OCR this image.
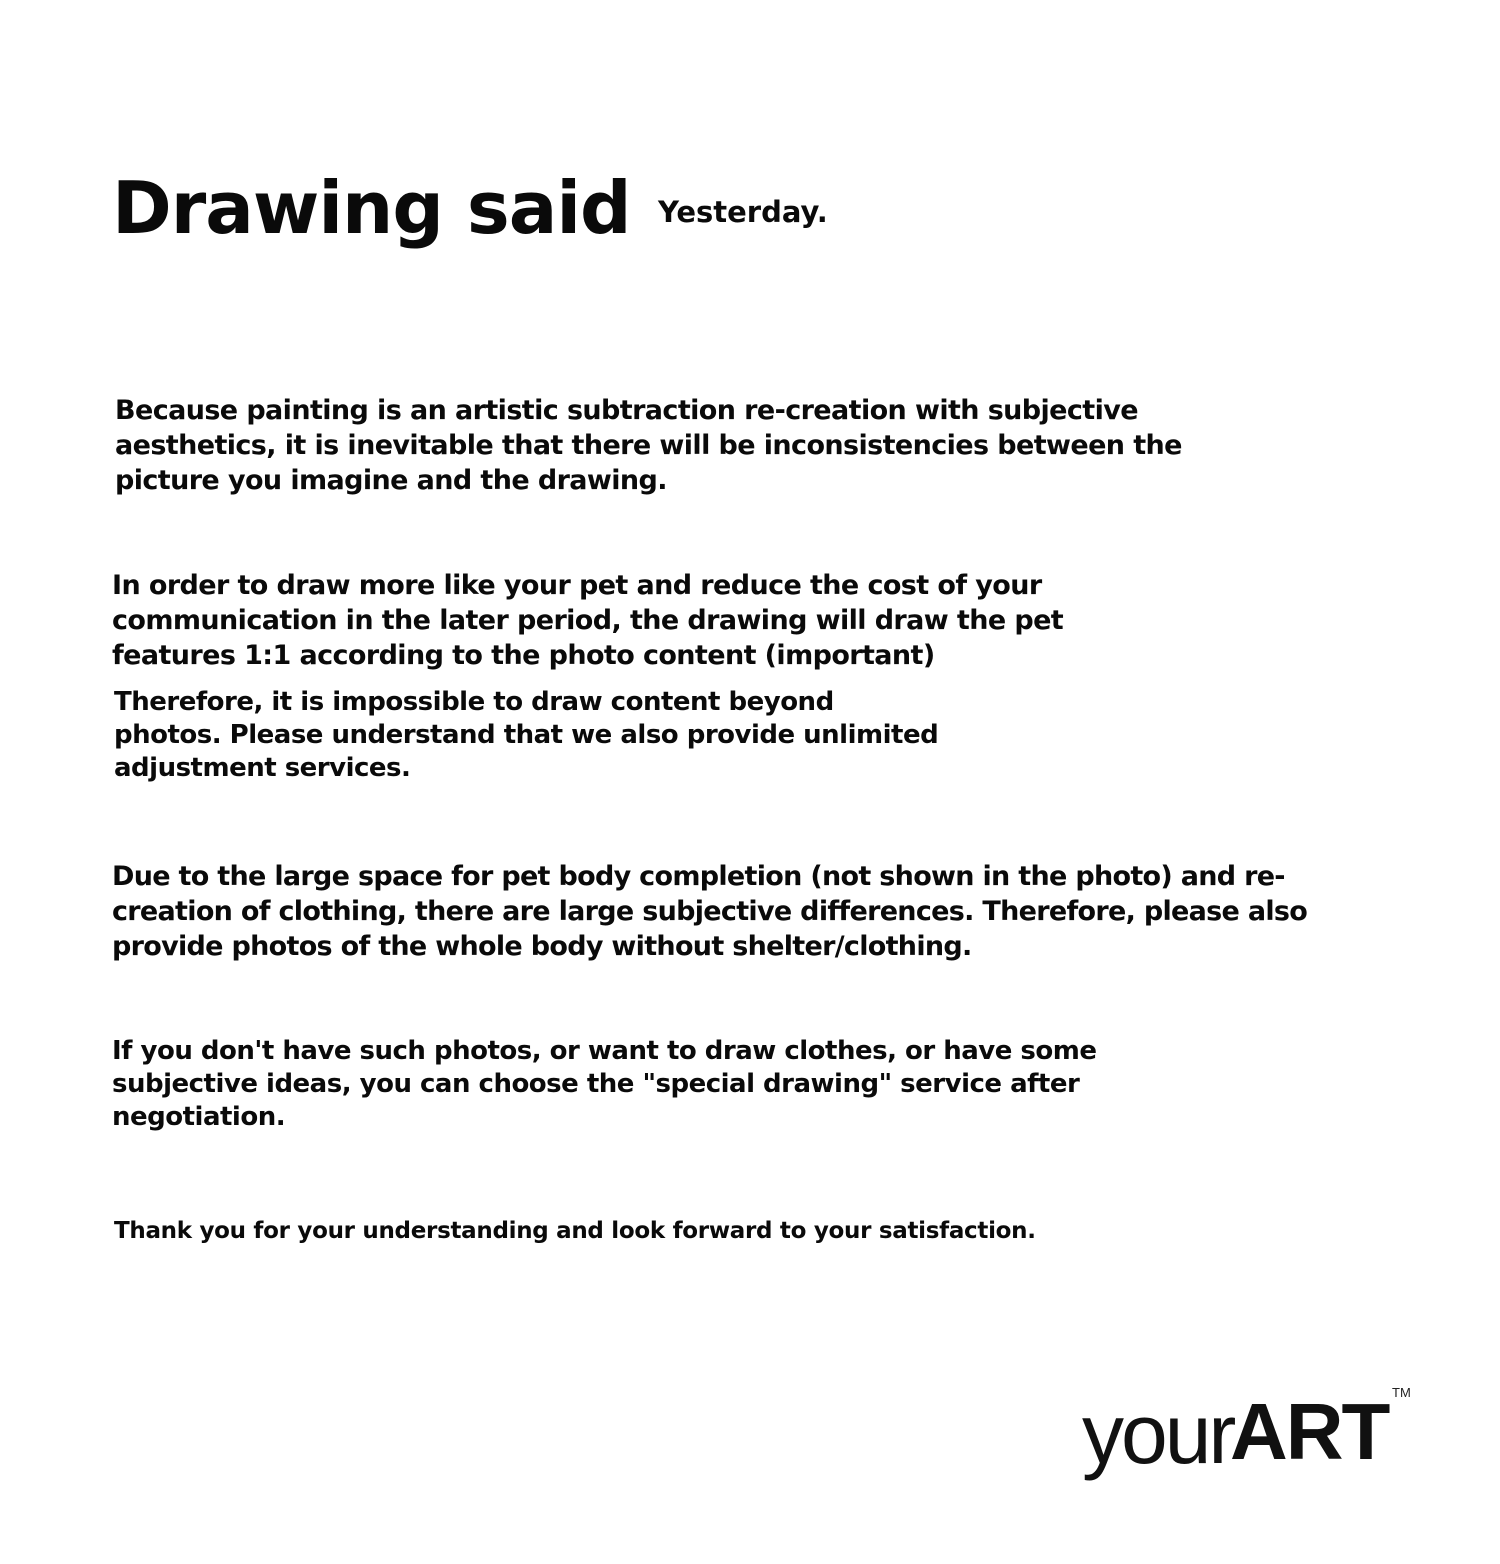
Drawing said Yesterday.

Because painting is an artistic subtraction re-creation with subjective
aesthetics, it is inevitable that there will be inconsistencies between the
picture you imagine and the drawing.

In order to draw more like your pet and reduce the cost of your
communication in the later period, the drawing will draw the pet
features 1:1 according to the photo content (important)

Therefore, it is impossible to draw content beyond
photos. Please understand that we also provide unlimited
adjustment services.

Due to the large space for pet body completion (not shown in the photo) and re-
creation of clothing, there are large subjective differences. Therefore, please also
provide photos of the whole body without shelter/clothing.

If you don't have such photos, or want to draw clothes, or have some
subjective ideas, you can choose the "special drawing" service after
negotiation.

Thank you for your understanding and look forward to your satisfaction.

your
ART TM
